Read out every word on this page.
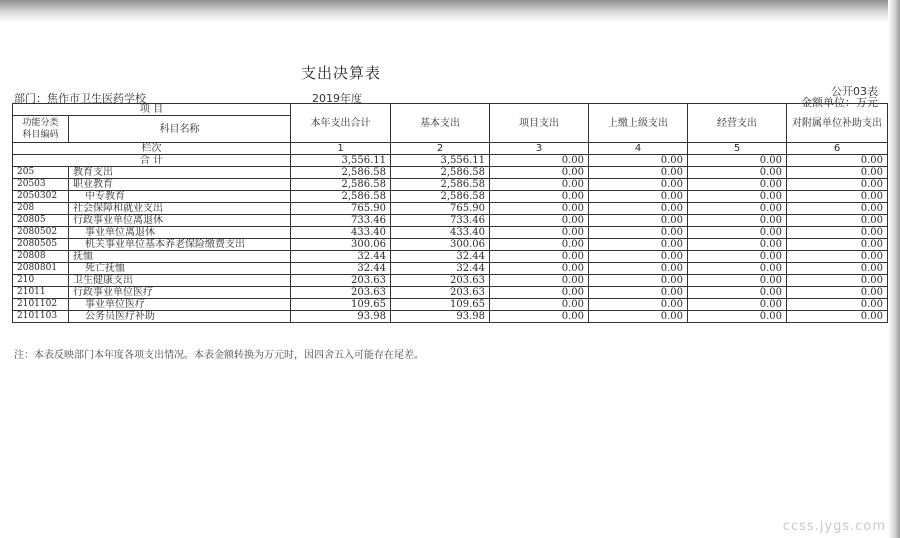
支出决算表
公开03表
部门：焦作市卫生医药学校	2019年度	金额单位：万元
项 目		本年支出合计	基本支出	项目支出	上缴上级支出	经营支出	对附属单位补助支出
功能分类
科目编码	科目名称						
栏次		1	2	3	4	5	6
合 计		3,556.11	3,556.11	0.00	0.00	0.00	0.00
205	教育支出	2,586.58	2,586.58	0.00	0.00	0.00	0.00
20503	职业教育	2,586.58	2,586.58	0.00	0.00	0.00	0.00
2050302	中专教育	2,586.58	2,586.58	0.00	0.00	0.00	0.00
208	社会保障和就业支出	765.90	765.90	0.00	0.00	0.00	0.00
20805	行政事业单位离退休	733.46	733.46	0.00	0.00	0.00	0.00
2080502	事业单位离退休	433.40	433.40	0.00	0.00	0.00	0.00
2080505	机关事业单位基本养老保险缴费支出	300.06	300.06	0.00	0.00	0.00	0.00
20808	抚恤	32.44	32.44	0.00	0.00	0.00	0.00
2080801	死亡抚恤	32.44	32.44	0.00	0.00	0.00	0.00
210	卫生健康支出	203.63	203.63	0.00	0.00	0.00	0.00
21011	行政事业单位医疗	203.63	203.63	0.00	0.00	0.00	0.00
2101102	事业单位医疗	109.65	109.65	0.00	0.00	0.00	0.00
2101103	公务员医疗补助	93.98	93.98	0.00	0.00	0.00	0.00
注：本表反映部门本年度各项支出情况。本表金额转换为万元时，因四舍五入可能存在尾差。
ccss.jygs.com
